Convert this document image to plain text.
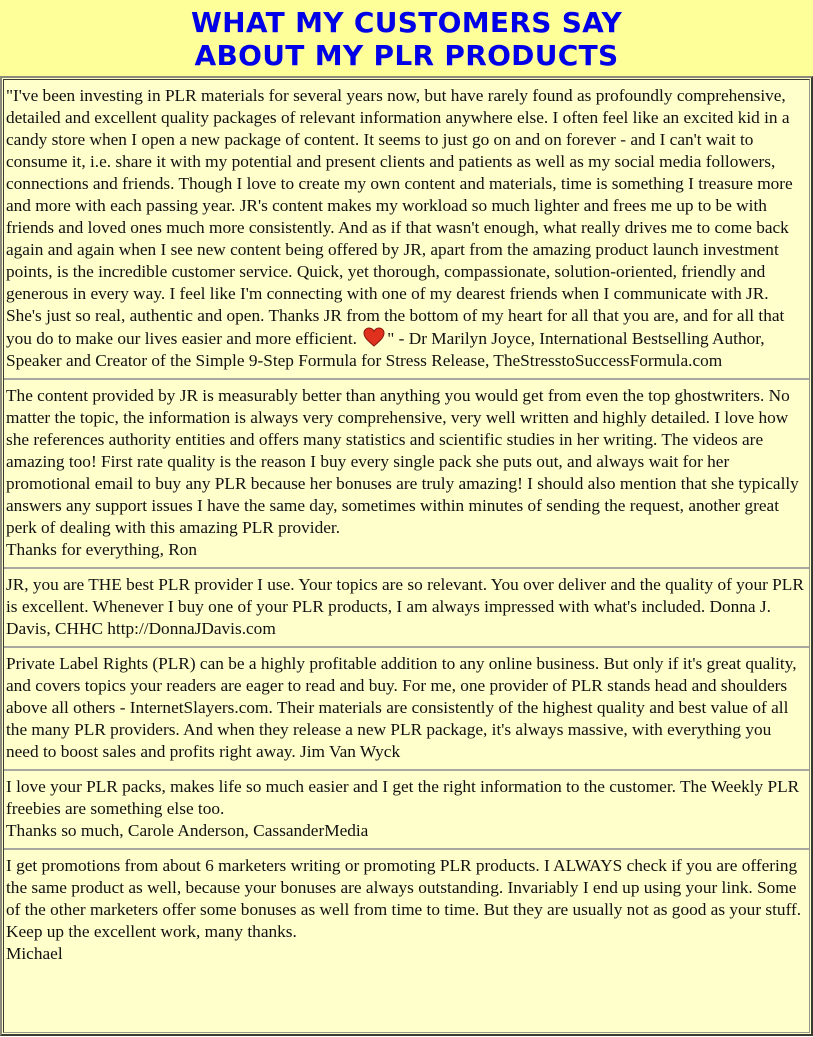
WHAT MY CUSTOMERS SAY
ABOUT MY PLR PRODUCTS

"I've been investing in PLR materials for several years now, but have rarely found as profoundly comprehensive, detailed and excellent quality packages of relevant information anywhere else. I often feel like an excited kid in a candy store when I open a new package of content. It seems to just go on and on forever - and I can't wait to consume it, i.e. share it with my potential and present clients and patients as well as my social media followers, connections and friends. Though I love to create my own content and materials, time is something I treasure more and more with each passing year. JR's content makes my workload so much lighter and frees me up to be with friends and loved ones much more consistently. And as if that wasn't enough, what really drives me to come back again and again when I see new content being offered by JR, apart from the amazing product launch investment points, is the incredible customer service. Quick, yet thorough, compassionate, solution-oriented, friendly and generous in every way. I feel like I'm connecting with one of my dearest friends when I communicate with JR. She's just so real, authentic and open. Thanks JR from the bottom of my heart for all that you are, and for all that you do to make our lives easier and more efficient. " - Dr Marilyn Joyce, International Bestselling Author, Speaker and Creator of the Simple 9-Step Formula for Stress Release, TheStresstoSuccessFormula.com

The content provided by JR is measurably better than anything you would get from even the top ghostwriters. No matter the topic, the information is always very comprehensive, very well written and highly detailed. I love how she references authority entities and offers many statistics and scientific studies in her writing. The videos are amazing too! First rate quality is the reason I buy every single pack she puts out, and always wait for her promotional email to buy any PLR because her bonuses are truly amazing! I should also mention that she typically answers any support issues I have the same day, sometimes within minutes of sending the request, another great perk of dealing with this amazing PLR provider.

Thanks for everything, Ron

JR, you are THE best PLR provider I use. Your topics are so relevant. You over deliver and the quality of your PLR is excellent. Whenever I buy one of your PLR products, I am always impressed with what's included. Donna J. Davis, CHHC http://DonnaJDavis.com

Private Label Rights (PLR) can be a highly profitable addition to any online business. But only if it's great quality, and covers topics your readers are eager to read and buy. For me, one provider of PLR stands head and shoulders above all others - InternetSlayers.com. Their materials are consistently of the highest quality and best value of all the many PLR providers. And when they release a new PLR package, it's always massive, with everything you need to boost sales and profits right away. Jim Van Wyck

I love your PLR packs, makes life so much easier and I get the right information to the customer. The Weekly PLR freebies are something else too.

Thanks so much, Carole Anderson, CassanderMedia

I get promotions from about 6 marketers writing or promoting PLR products. I ALWAYS check if you are offering the same product as well, because your bonuses are always outstanding. Invariably I end up using your link. Some of the other marketers offer some bonuses as well from time to time. But they are usually not as good as your stuff. Keep up the excellent work, many thanks.

Michael
